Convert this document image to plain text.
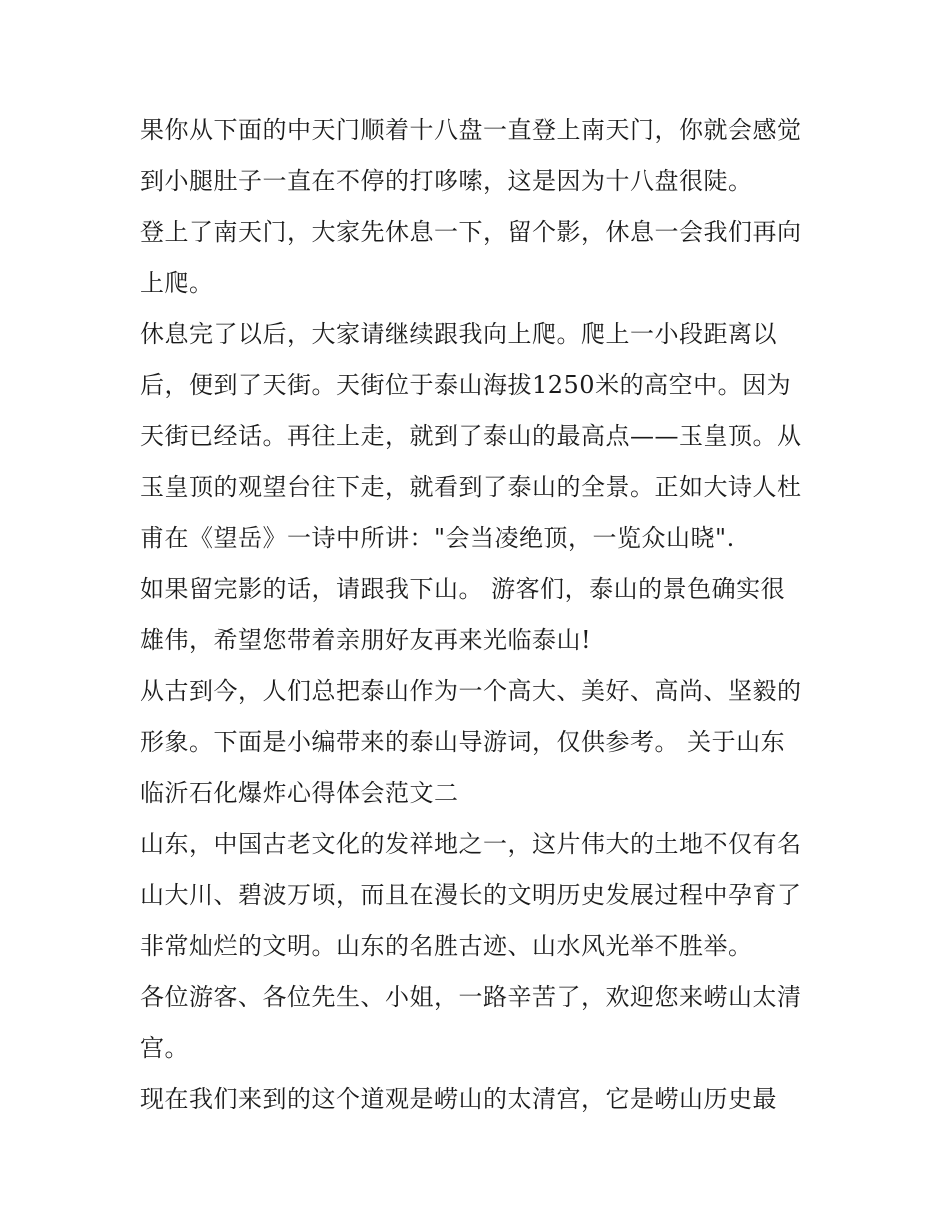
果你从下面的中天门顺着十八盘一直登上南天门，你就会感觉
到小腿肚子一直在不停的打哆嗦，这是因为十八盘很陡。
登上了南天门，大家先休息一下，留个影，休息一会我们再向
上爬。
休息完了以后，大家请继续跟我向上爬。爬上一小段距离以
后，便到了天街。天街位于泰山海拔1250米的高空中。因为
天街已经话。再往上走，就到了泰山的最高点——玉皇顶。从
玉皇顶的观望台往下走，就看到了泰山的全景。正如大诗人杜
甫在《望岳》一诗中所讲："会当凌绝顶，一览众山晓".
如果留完影的话，请跟我下山。 游客们，泰山的景色确实很
雄伟，希望您带着亲朋好友再来光临泰山!
从古到今，人们总把泰山作为一个高大、美好、高尚、坚毅的
形象。下面是小编带来的泰山导游词，仅供参考。 关于山东
临沂石化爆炸心得体会范文二
山东，中国古老文化的发祥地之一，这片伟大的土地不仅有名
山大川、碧波万顷，而且在漫长的文明历史发展过程中孕育了
非常灿烂的文明。山东的名胜古迹、山水风光举不胜举。
各位游客、各位先生、小姐，一路辛苦了，欢迎您来崂山太清
宫。
现在我们来到的这个道观是崂山的太清宫，它是崂山历史最
